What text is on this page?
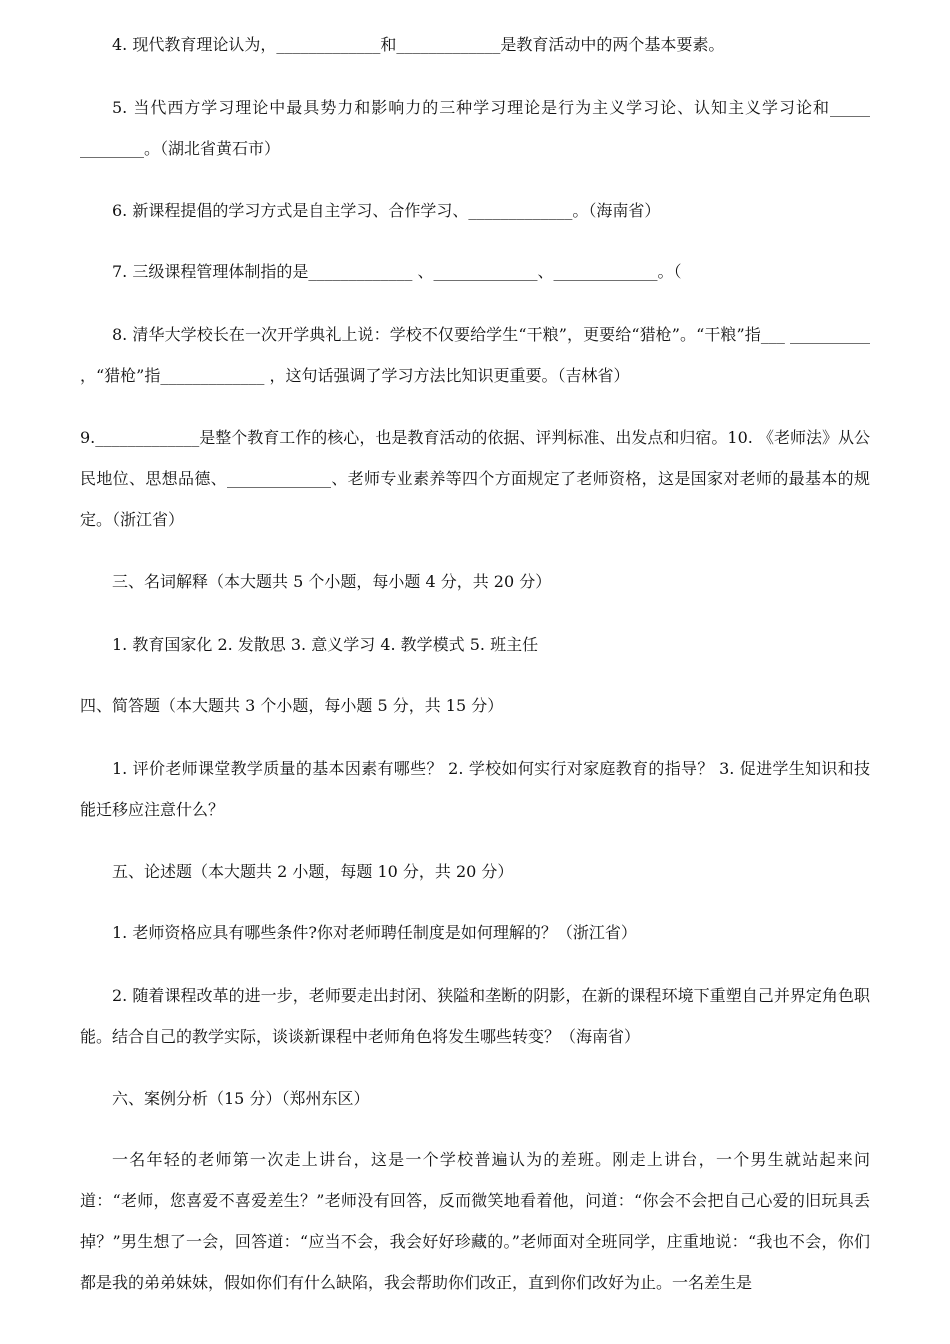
4. 现代教育理论认为，_____________和_____________是教育活动中的两个基本要素。

5. 当代西方学习理论中最具势力和影响力的三种学习理论是行为主义学习论、认知主义学习论和_____ ________。（湖北省黄石市）

6. 新课程提倡的学习方式是自主学习、合作学习、_____________。（海南省）

7. 三级课程管理体制指的是_____________ 、_____________、_____________。（

8. 清华大学校长在一次开学典礼上说：学校不仅要给学生“干粮”，更要给“猎枪”。“干粮”指___ __________ ，“猎枪”指_____________ ，这句话强调了学习方法比知识更重要。（吉林省）

9._____________是整个教育工作的核心，也是教育活动的依据、评判标准、出发点和归宿。10. 《老师法》从公民地位、思想品德、_____________、老师专业素养等四个方面规定了老师资格，这是国家对老师的最基本的规定。（浙江省）

三、名词解释（本大题共 5 个小题，每小题 4 分，共 20 分）

1. 教育国家化 2. 发散思 3. 意义学习 4. 教学模式 5. 班主任

四、简答题（本大题共 3 个小题，每小题 5 分，共 15 分）

1. 评价老师课堂教学质量的基本因素有哪些？ 2. 学校如何实行对家庭教育的指导？ 3. 促进学生知识和技能迁移应注意什么？

五、论述题（本大题共 2 小题，每题 10 分，共 20 分）

1. 老师资格应具有哪些条件?你对老师聘任制度是如何理解的？（浙江省）

2. 随着课程改革的进一步，老师要走出封闭、狭隘和垄断的阴影，在新的课程环境下重塑自己并界定角色职能。结合自己的教学实际，谈谈新课程中老师角色将发生哪些转变？（海南省）

六、案例分析（15 分）（郑州东区）

一名年轻的老师第一次走上讲台，这是一个学校普遍认为的差班。刚走上讲台，一个男生就站起来问道：“老师，您喜爱不喜爱差生？”老师没有回答，反而微笑地看着他，问道：“你会不会把自己心爱的旧玩具丢掉？”男生想了一会，回答道：“应当不会，我会好好珍藏的。”老师面对全班同学，庄重地说：“我也不会，你们都是我的弟弟妹妹，假如你们有什么缺陷，我会帮助你们改正，直到你们改好为止。一名差生是
